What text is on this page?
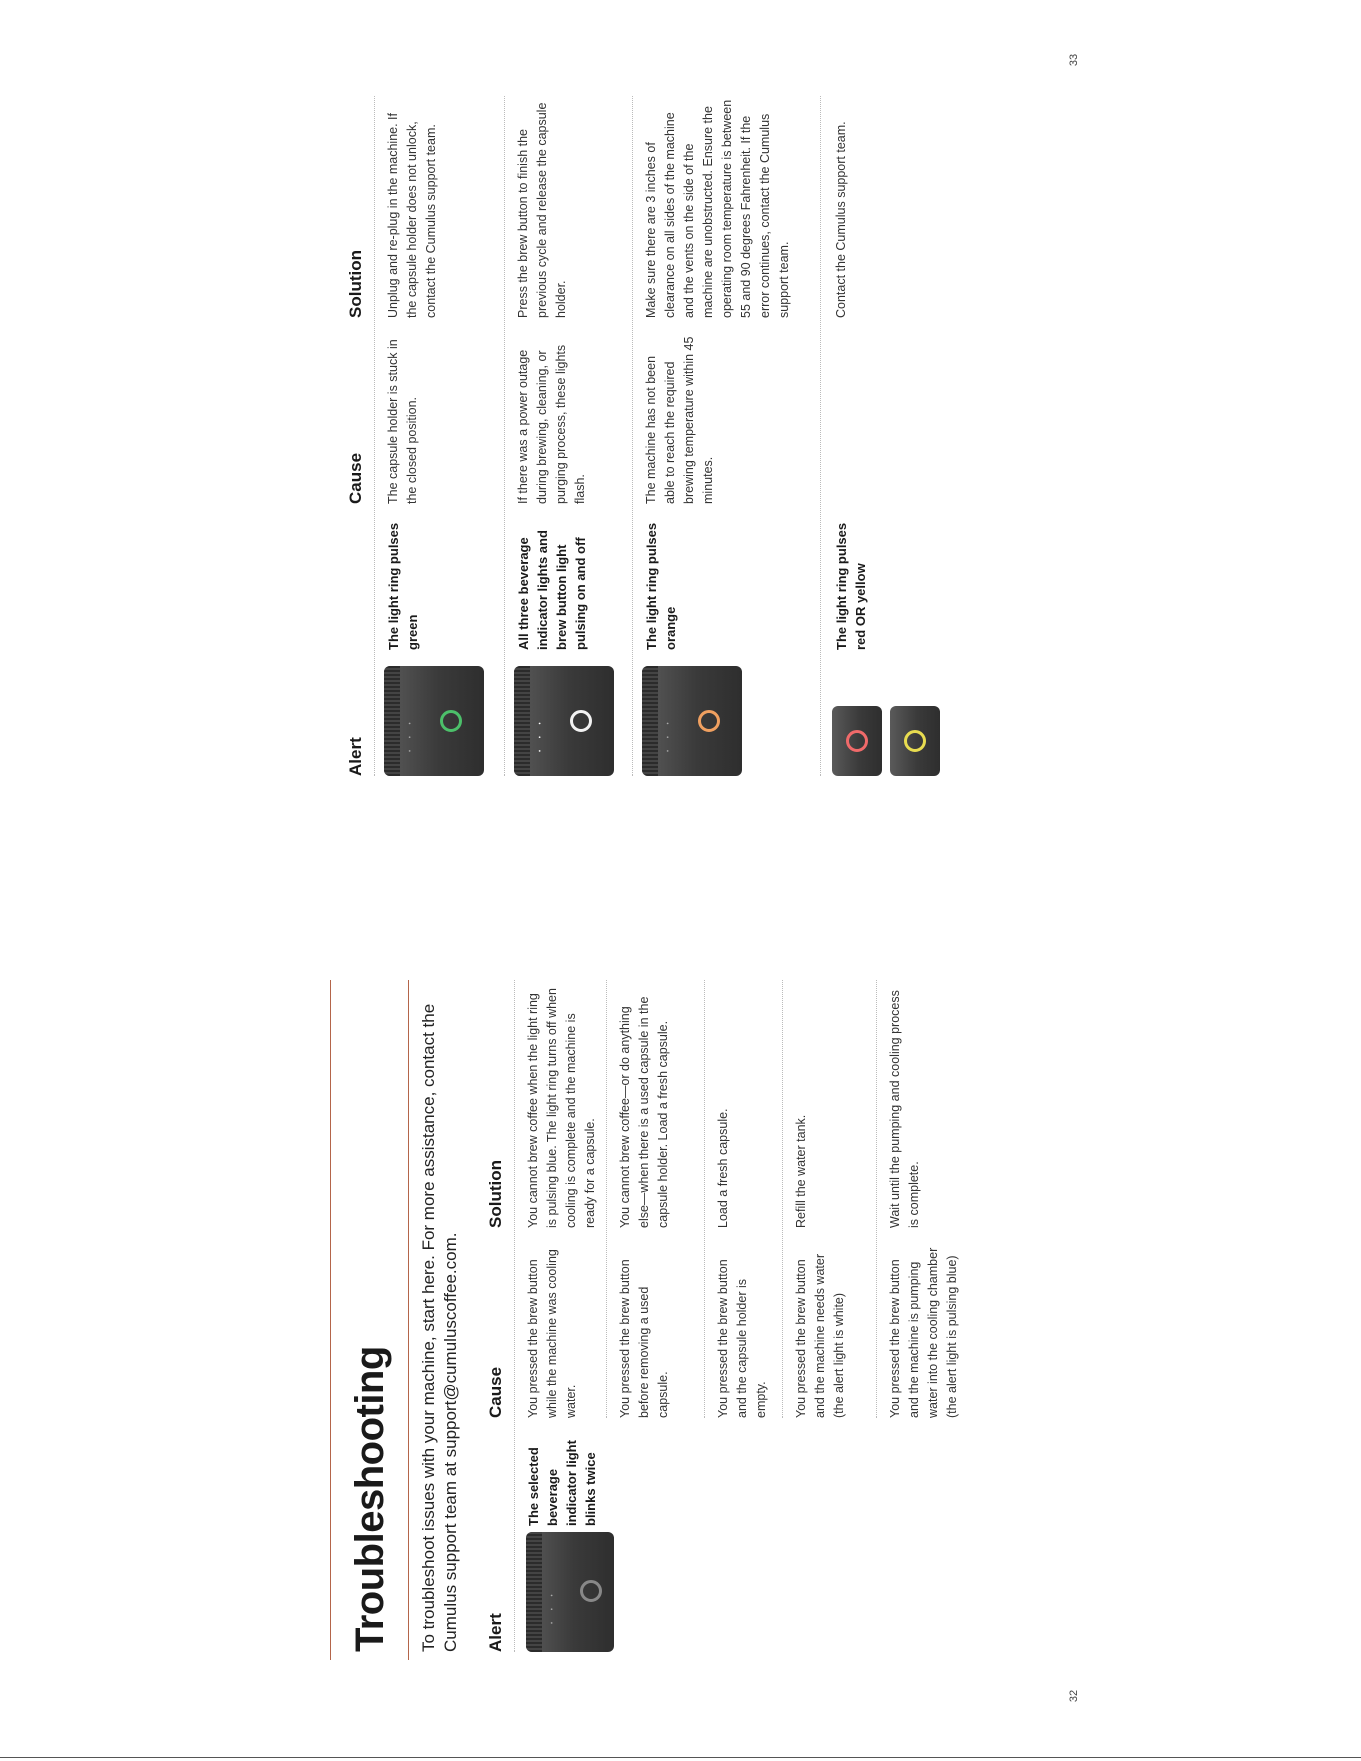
32
33
Troubleshooting To troubleshoot issues with your machine, start here. For more assistance, contact the Cumulus support team at support@cumuluscoffee.com. Alert
Cause
Solution
• • •
The selected beverage indicator light blinks twice
You pressed the brew button while the machine was cooling water.
You cannot brew coffee when the light ring is pulsing blue. The light ring turns off when cooling is complete and the machine is ready for a capsule.
You pressed the brew button before removing a used capsule.
You cannot brew coffee—or do anything else—when there is a used capsule in the capsule holder. Load a fresh capsule.
You pressed the brew button and the capsule holder is empty.
Load a fresh capsule.
You pressed the brew button and the machine needs water (the alert light is white)
Refill the water tank.
You pressed the brew button and the machine is pumping water into the cooling chamber (the alert light is pulsing blue)
Wait until the pumping and cooling process is complete.
Alert
Cause
Solution
• • •
The light ring pulses green
The capsule holder is stuck in the closed position.
Unplug and re-plug in the machine. If the capsule holder does not unlock, contact the Cumulus support team.
• • •
All three beverage indicator lights and brew button light pulsing on and off
If there was a power outage during brewing, cleaning, or purging process, these lights flash.
Press the brew button to finish the previous cycle and release the capsule holder.
• • •
The light ring pulses orange
The machine has not been able to reach the required brewing temperature within 45 minutes.
Make sure there are 3 inches of clearance on all sides of the machine and the vents on the side of the machine are unobstructed. Ensure the operating room temperature is between 55 and 90 degrees Fahrenheit. If the error continues, contact the Cumulus support team.
The light ring pulses red OR yellow
Contact the Cumulus support team.
